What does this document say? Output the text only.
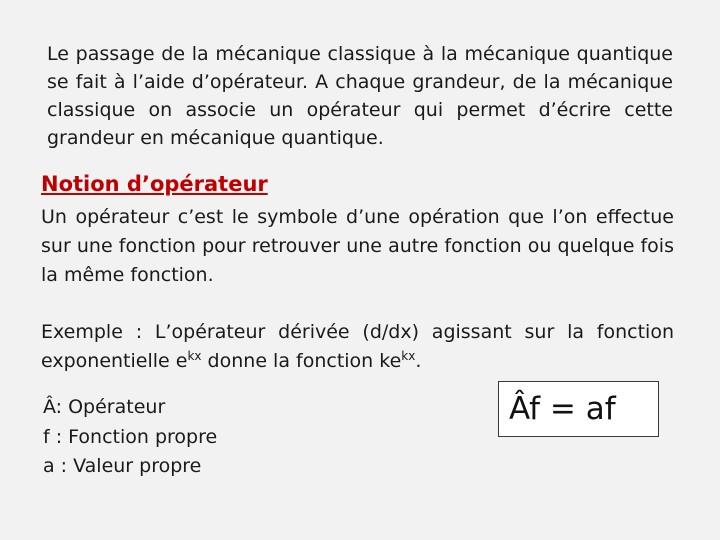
Le passage de la mécanique classique à la mécanique quantique se fait à l’aide d’opérateur. A chaque grandeur, de la mécanique classique on associe un opérateur qui permet d’écrire cette grandeur en mécanique quantique.

Notion d’opérateur

Un opérateur c’est le symbole d’une opération que l’on effectue sur une fonction pour retrouver une autre fonction ou quelque fois la même fonction.

Exemple : L’opérateur dérivée (d/dx) agissant sur la fonction exponentielle $e^{kx}$ donne la fonction $ke^{kx}$.

Â: Opérateur
f : Fonction propre
a : Valeur propre
Âf = af
